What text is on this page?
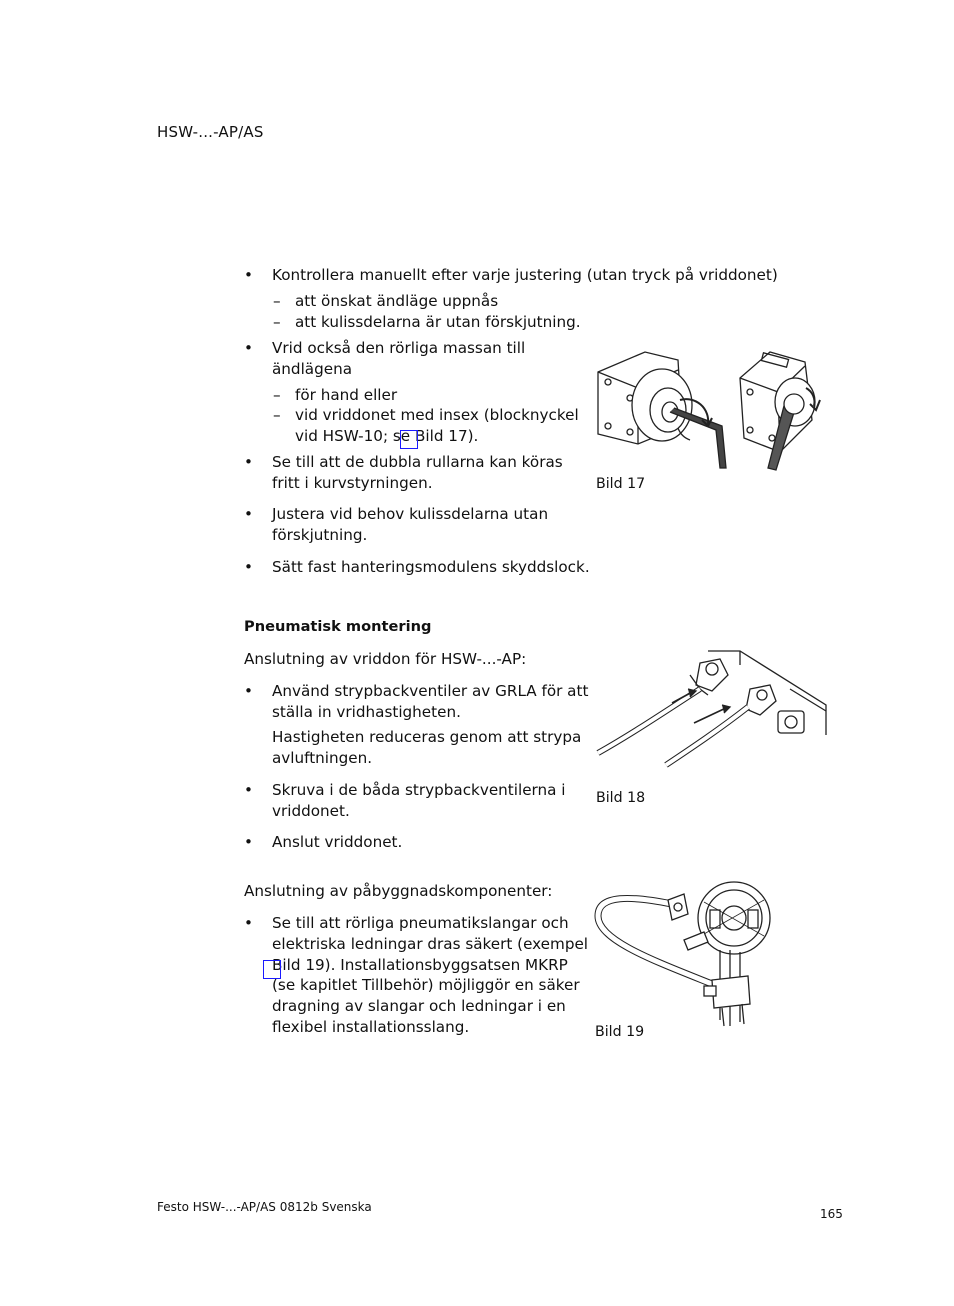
HSW-...-AP/AS
• Kontrollera manuellt efter varje justering (utan tryck på vriddonet)
– att önskat ändläge uppnås
– att kulissdelarna är utan förskjutning.
• Vrid också den rörliga massan till
ändlägena
– för hand eller
– vid vriddonet med insex (blocknyckel
vid HSW-10; se Bild 17).
• Se till att de dubbla rullarna kan köras
fritt i kurvstyrningen.
• Justera vid behov kulissdelarna utan
förskjutning.
• Sätt fast hanteringsmodulens skyddslock.
Bild 17
Pneumatisk montering
Anslutning av vriddon för HSW-...-AP:
• Använd strypbackventiler av GRLA för att
ställa in vridhastigheten.
Hastigheten reduceras genom att strypa
avluftningen.
• Skruva i de båda strypbackventilerna i
vriddonet.
• Anslut vriddonet.
Bild 18
Anslutning av påbyggnadskomponenter:
• Se till att rörliga pneumatikslangar och
elektriska ledningar dras säkert (exempel
Bild 19). Installationsbyggsatsen MKRP
(se kapitlet Tillbehör) möjliggör en säker
dragning av slangar och ledningar i en
flexibel installationsslang.	Bild 19
Festo HSW-...-AP/AS 0812b Svenska	165
